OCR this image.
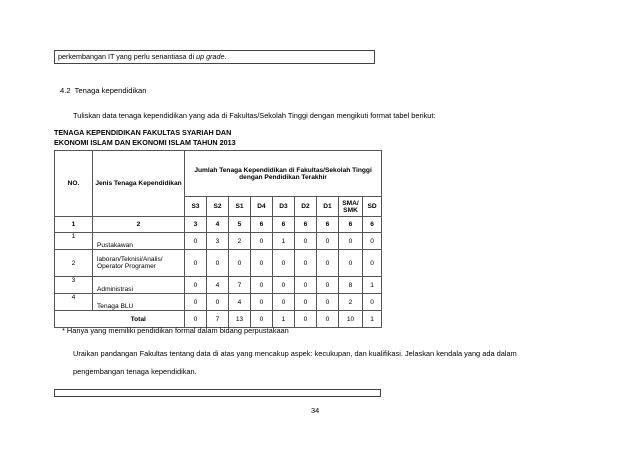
perkembangan IT yang perlu senantiasa di up grade.
4.2 Tenaga kependidikan
Tuliskan data tenaga kependidikan yang ada di Fakultas/Sekolah Tinggi dengan mengikuti format tabel berikut:
TENAGA KEPENDIDIKAN FAKULTAS SYARIAH DAN
EKONOMI ISLAM DAN EKONOMI ISLAM TAHUN 2013
NO.	Jenis Tenaga Kependidikan	Jumlah Tenaga Kependidikan di Fakultas/Sekolah Tinggi dengan Pendidikan Terakhir								
		S3	S2	S1	D4	D3	D2	D1	SMA/ SMK	SD
1	2	3	4	5	6	6	6	6	6	6
1	Pustakawan	0	3	2	0	1	0	0	0	0
2	laboran/Teknisi/Analis/ Operator Programer	0	0	0	0	0	0	0	0	0
3	Administrasi	0	4	7	0	0	0	0	8	1
4	Tenaga BLU	0	0	4	0	0	0	0	2	0
	Total	0	7	13	0	1	0	0	10	1
* Hanya yang memiliki pendidikan formal dalam bidang perpustakaan
Uraikan pandangan Fakultas tentang data di atas yang mencakup aspek: kecukupan, dan kualifikasi. Jelaskan kendala yang ada dalam
pengembangan tenaga kependidikan.
34
